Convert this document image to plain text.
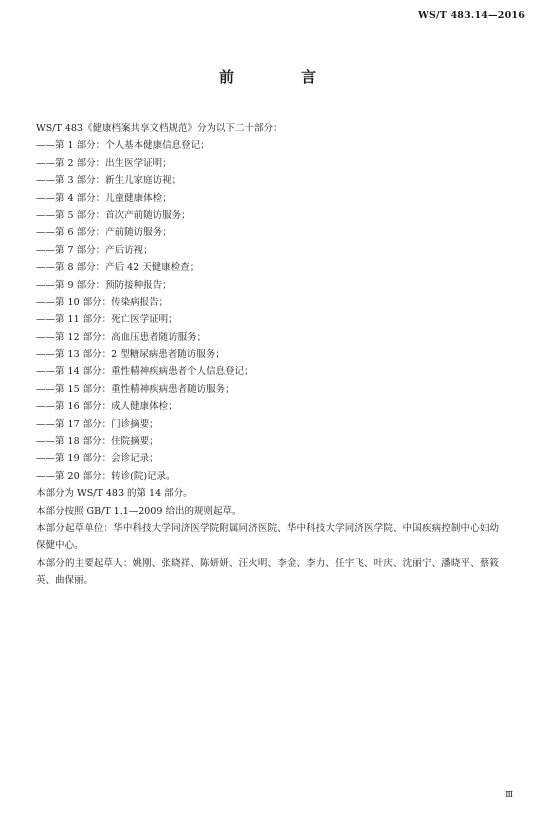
WS/T 483.14—2016
前　言
WS/T 483《健康档案共享文档规范》分为以下二十部分：
——第 1 部分：个人基本健康信息登记；
——第 2 部分：出生医学证明；
——第 3 部分：新生儿家庭访视；
——第 4 部分：儿童健康体检；
——第 5 部分：首次产前随访服务；
——第 6 部分：产前随访服务；
——第 7 部分：产后访视；
——第 8 部分：产后 42 天健康检查；
——第 9 部分：预防接种报告；
——第 10 部分：传染病报告；
——第 11 部分：死亡医学证明；
——第 12 部分：高血压患者随访服务；
——第 13 部分：2 型糖尿病患者随访服务；
——第 14 部分：重性精神疾病患者个人信息登记；
——第 15 部分：重性精神疾病患者随访服务；
——第 16 部分：成人健康体检；
——第 17 部分：门诊摘要；
——第 18 部分：住院摘要；
——第 19 部分：会诊记录；
——第 20 部分：转诊(院)记录。
本部分为 WS/T 483 的第 14 部分。
本部分按照 GB/T 1.1—2009 给出的规则起草。
本部分起草单位：华中科技大学同济医学院附属同济医院、华中科技大学同济医学院、中国疾病控制中心妇幼保健中心。
本部分的主要起草人：姚刚、张晓祥、陈妍妍、汪火明、李金、李力、任宇飞、叶庆、沈丽宁、潘晓平、蔡筱英、曲保丽。
Ⅲ
